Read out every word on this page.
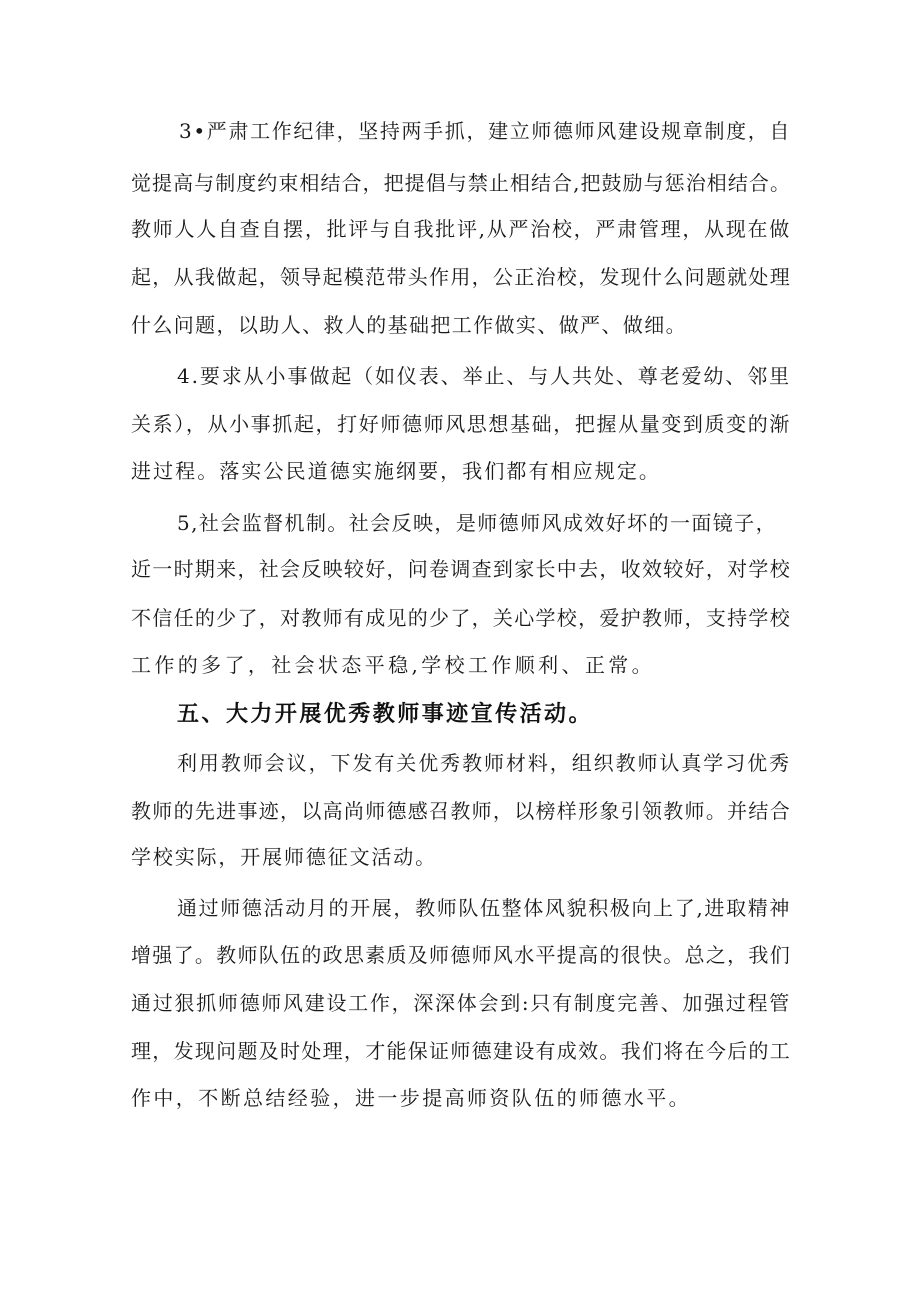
3•严肃工作纪律，坚持两手抓，建立师德师风建设规章制度，自

觉提高与制度约束相结合，把提倡与禁止相结合,把鼓励与惩治相结合。

教师人人自查自摆，批评与自我批评,从严治校，严肃管理，从现在做

起，从我做起，领导起模范带头作用，公正治校，发现什么问题就处理

什么问题，以助人、救人的基础把工作做实、做严、做细。

4.要求从小事做起（如仪表、举止、与人共处、尊老爱幼、邻里

关系），从小事抓起，打好师德师风思想基础，把握从量变到质变的渐

进过程。落实公民道德实施纲要，我们都有相应规定。

5,社会监督机制。社会反映，是师德师风成效好坏的一面镜子，

近一时期来，社会反映较好，问卷调查到家长中去，收效较好，对学校

不信任的少了，对教师有成见的少了，关心学校，爱护教师，支持学校

工作的多了，社会状态平稳,学校工作顺利、正常。

五、大力开展优秀教师事迹宣传活动。

利用教师会议，下发有关优秀教师材料，组织教师认真学习优秀

教师的先进事迹，以高尚师德感召教师，以榜样形象引领教师。并结合

学校实际，开展师德征文活动。

通过师德活动月的开展，教师队伍整体风貌积极向上了,进取精神

增强了。教师队伍的政思素质及师德师风水平提高的很快。总之，我们

通过狠抓师德师风建设工作，深深体会到:只有制度完善、加强过程管

理，发现问题及时处理，才能保证师德建设有成效。我们将在今后的工

作中，不断总结经验，进一步提高师资队伍的师德水平。
